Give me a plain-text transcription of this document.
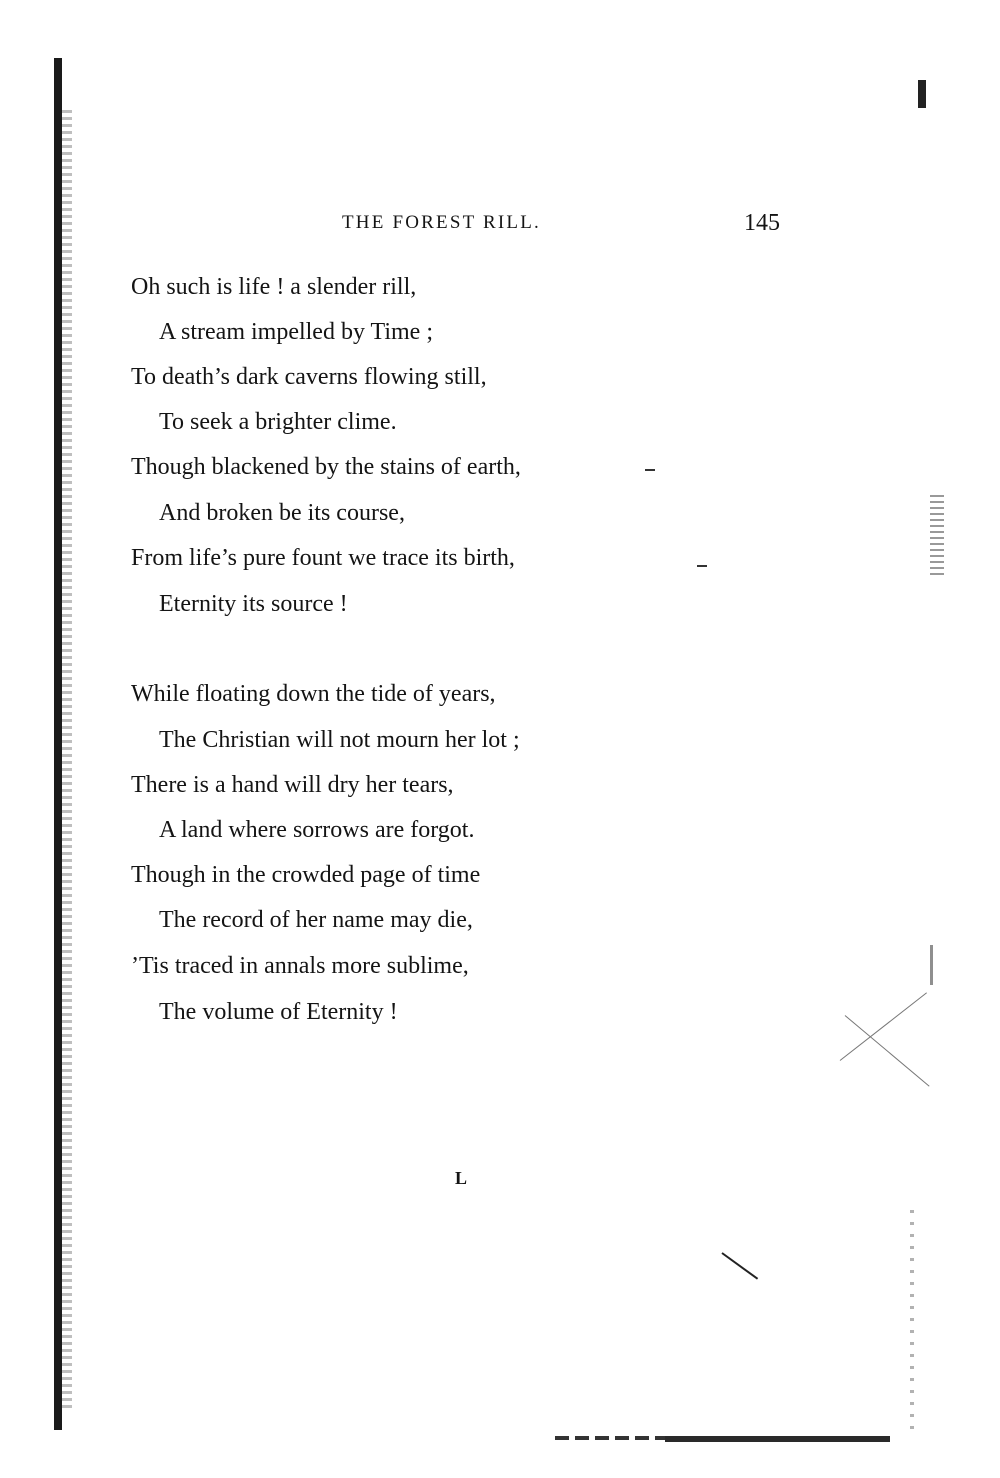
THE FOREST RILL.	145
Oh such is life ! a slender rill,
A stream impelled by Time ;
To death’s dark caverns flowing still,
To seek a brighter clime.
Though blackened by the stains of earth,
And broken be its course,
From life’s pure fount we trace its birth,
Eternity its source !
While floating down the tide of years,
The Christian will not mourn her lot ;
There is a hand will dry her tears,
A land where sorrows are forgot.
Though in the crowded page of time
The record of her name may die,
’Tis traced in annals more sublime,
The volume of Eternity !
L
